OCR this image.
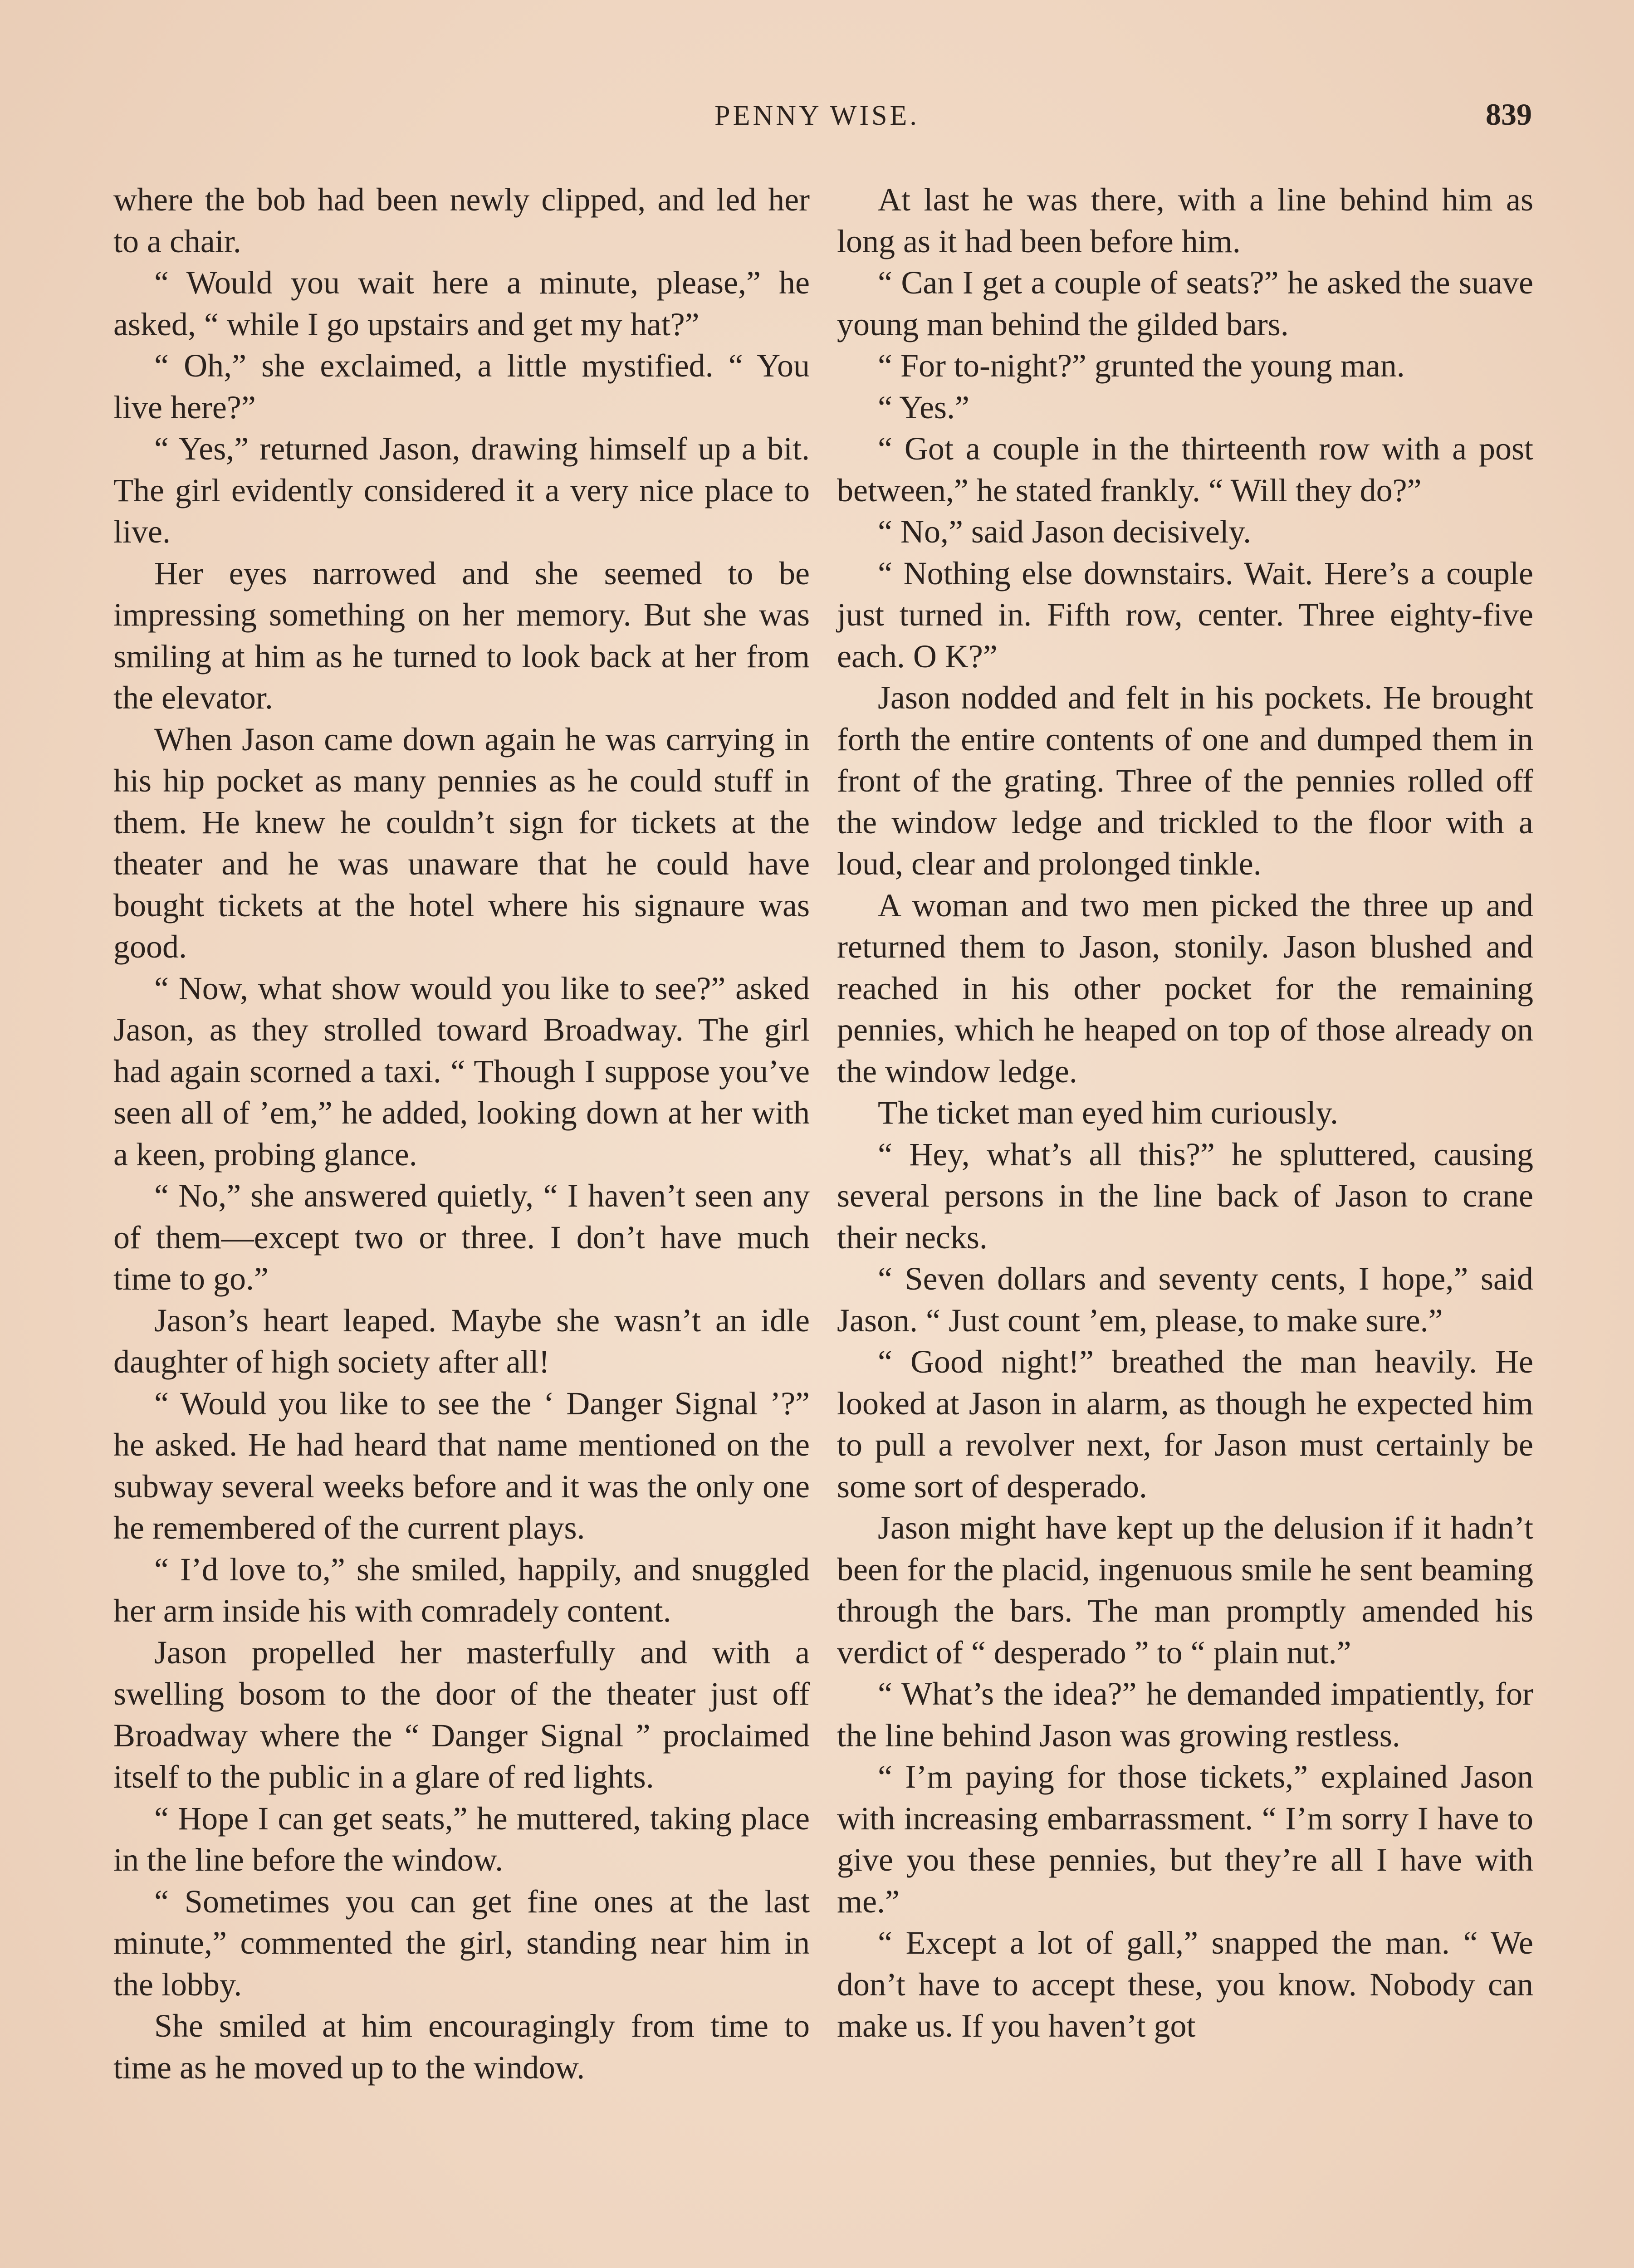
PENNY WISE.	839

where the bob had been newly clipped, and led her to a chair.

“ Would you wait here a minute, please,” he asked, “ while I go upstairs and get my hat?”

“ Oh,” she exclaimed, a little mystified. “ You live here?”

“ Yes,” returned Jason, drawing himself up a bit. The girl evidently considered it a very nice place to live.

Her eyes narrowed and she seemed to be impressing something on her memory. But she was smiling at him as he turned to look back at her from the elevator.

When Jason came down again he was carrying in his hip pocket as many pennies as he could stuff in them. He knew he couldn’t sign for tickets at the theater and he was unaware that he could have bought tickets at the hotel where his signaure was good.

“ Now, what show would you like to see?” asked Jason, as they strolled toward Broadway. The girl had again scorned a taxi. “ Though I suppose you’ve seen all of ’em,” he added, looking down at her with a keen, probing glance.

“ No,” she answered quietly, “ I haven’t seen any of them—except two or three. I don’t have much time to go.”

Jason’s heart leaped. Maybe she wasn’t an idle daughter of high society after all!

“ Would you like to see the ‘ Danger Signal ’?” he asked. He had heard that name mentioned on the subway several weeks before and it was the only one he remembered of the current plays.

“ I’d love to,” she smiled, happily, and snuggled her arm inside his with comradely content.

Jason propelled her masterfully and with a swelling bosom to the door of the theater just off Broadway where the “ Danger Signal ” proclaimed itself to the public in a glare of red lights.

“ Hope I can get seats,” he muttered, taking place in the line before the window.

“ Sometimes you can get fine ones at the last minute,” commented the girl, standing near him in the lobby.

She smiled at him encouragingly from time to time as he moved up to the window.

At last he was there, with a line behind him as long as it had been before him.

“ Can I get a couple of seats?” he asked the suave young man behind the gilded bars.

“ For to-night?” grunted the young man.

“ Yes.”

“ Got a couple in the thirteenth row with a post between,” he stated frankly. “ Will they do?”

“ No,” said Jason decisively.

“ Nothing else downstairs. Wait. Here’s a couple just turned in. Fifth row, center. Three eighty-five each. O K?”

Jason nodded and felt in his pockets. He brought forth the entire contents of one and dumped them in front of the grating. Three of the pennies rolled off the window ledge and trickled to the floor with a loud, clear and prolonged tinkle.

A woman and two men picked the three up and returned them to Jason, stonily. Jason blushed and reached in his other pocket for the remaining pennies, which he heaped on top of those already on the window ledge.

The ticket man eyed him curiously.

“ Hey, what’s all this?” he spluttered, causing several persons in the line back of Jason to crane their necks.

“ Seven dollars and seventy cents, I hope,” said Jason. “ Just count ’em, please, to make sure.”

“ Good night!” breathed the man heavily. He looked at Jason in alarm, as though he expected him to pull a revolver next, for Jason must certainly be some sort of desperado.

Jason might have kept up the delusion if it hadn’t been for the placid, ingenuous smile he sent beaming through the bars. The man promptly amended his verdict of “ desperado ” to “ plain nut.”

“ What’s the idea?” he demanded impatiently, for the line behind Jason was growing restless.

“ I’m paying for those tickets,” explained Jason with increasing embarrassment. “ I’m sorry I have to give you these pennies, but they’re all I have with me.”

“ Except a lot of gall,” snapped the man. “ We don’t have to accept these, you know. Nobody can make us. If you haven’t got
